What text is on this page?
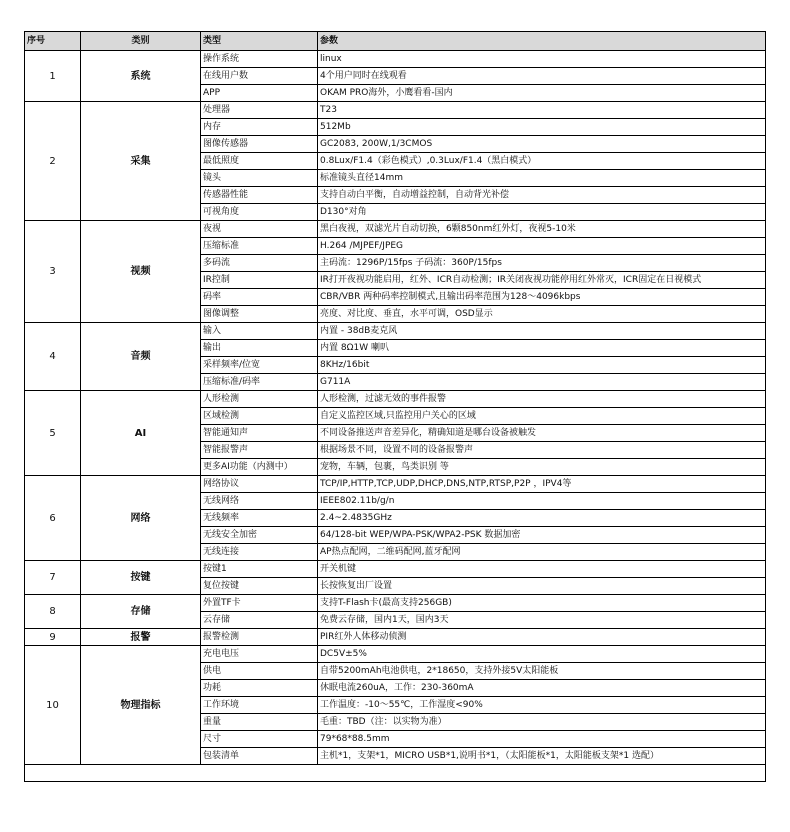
序号	类别	类型	参数
1	系统	操作系统	linux
		在线用户数	4个用户同时在线观看
		APP	OKAM PRO海外，小鹰看看-国内
2	采集	处理器	T23
		内存	512Mb
		图像传感器	GC2083, 200W,1/3CMOS
		最低照度	0.8Lux/F1.4（彩色模式）,0.3Lux/F1.4（黑白模式）
		镜头	标准镜头直径14mm
		传感器性能	支持自动白平衡，自动增益控制，自动背光补偿
		可视角度	D130°对角
3	视频	夜视	黑白夜视，双滤光片自动切换，6颗850nm红外灯，夜视5-10米
		压缩标准	H.264 /MJPEF/JPEG
		多码流	主码流：1296P/15fps 子码流：360P/15fps
		IR控制	IR打开夜视功能启用，红外、ICR自动检测；IR关闭夜视功能停用红外常灭，ICR固定在日视模式
		码率	CBR/VBR 两种码率控制模式,且输出码率范围为128～4096kbps
		图像调整	亮度、对比度、垂直，水平可调，OSD显示
4	音频	输入	内置 - 38dB麦克风
		输出	内置 8Ω1W 喇叭
		采样频率/位宽	8KHz/16bit
		压缩标准/码率	G711A
5	AI	人形检测	人形检测，过滤无效的事件报警
		区域检测	自定义监控区域,只监控用户关心的区域
		智能通知声	不同设备推送声音差异化，精确知道是哪台设备被触发
		智能报警声	根据场景不同，设置不同的设备报警声
		更多AI功能（内测中）	宠物，车辆，包裹，鸟类识别 等
6	网络	网络协议	TCP/IP,HTTP,TCP,UDP,DHCP,DNS,NTP,RTSP,P2P ，IPV4等
		无线网络	IEEE802.11b/g/n
		无线频率	2.4~2.4835GHz
		无线安全加密	64/128-bit WEP/WPA-PSK/WPA2-PSK 数据加密
		无线连接	AP热点配网，二维码配网,蓝牙配网
7	按键	按键1	开关机键
		复位按键	长按恢复出厂设置
8	存储	外置TF卡	支持T-Flash卡(最高支持256GB)
		云存储	免费云存储，国内1天，国内3天
9	报警	报警检测	PIR红外人体移动侦测
10	物理指标	充电电压	DC5V±5%
		供电	自带5200mAh电池供电，2*18650，支持外接5V太阳能板
		功耗	休眠电流260uA，工作：230-360mA
		工作环境	工作温度：-10～55℃，工作湿度<90%
		重量	毛重：TBD（注：以实物为准）
		尺寸	79*68*88.5mm
		包装清单	主机*1，支架*1，MICRO USB*1,说明书*1，（太阳能板*1，太阳能板支架*1 选配）
